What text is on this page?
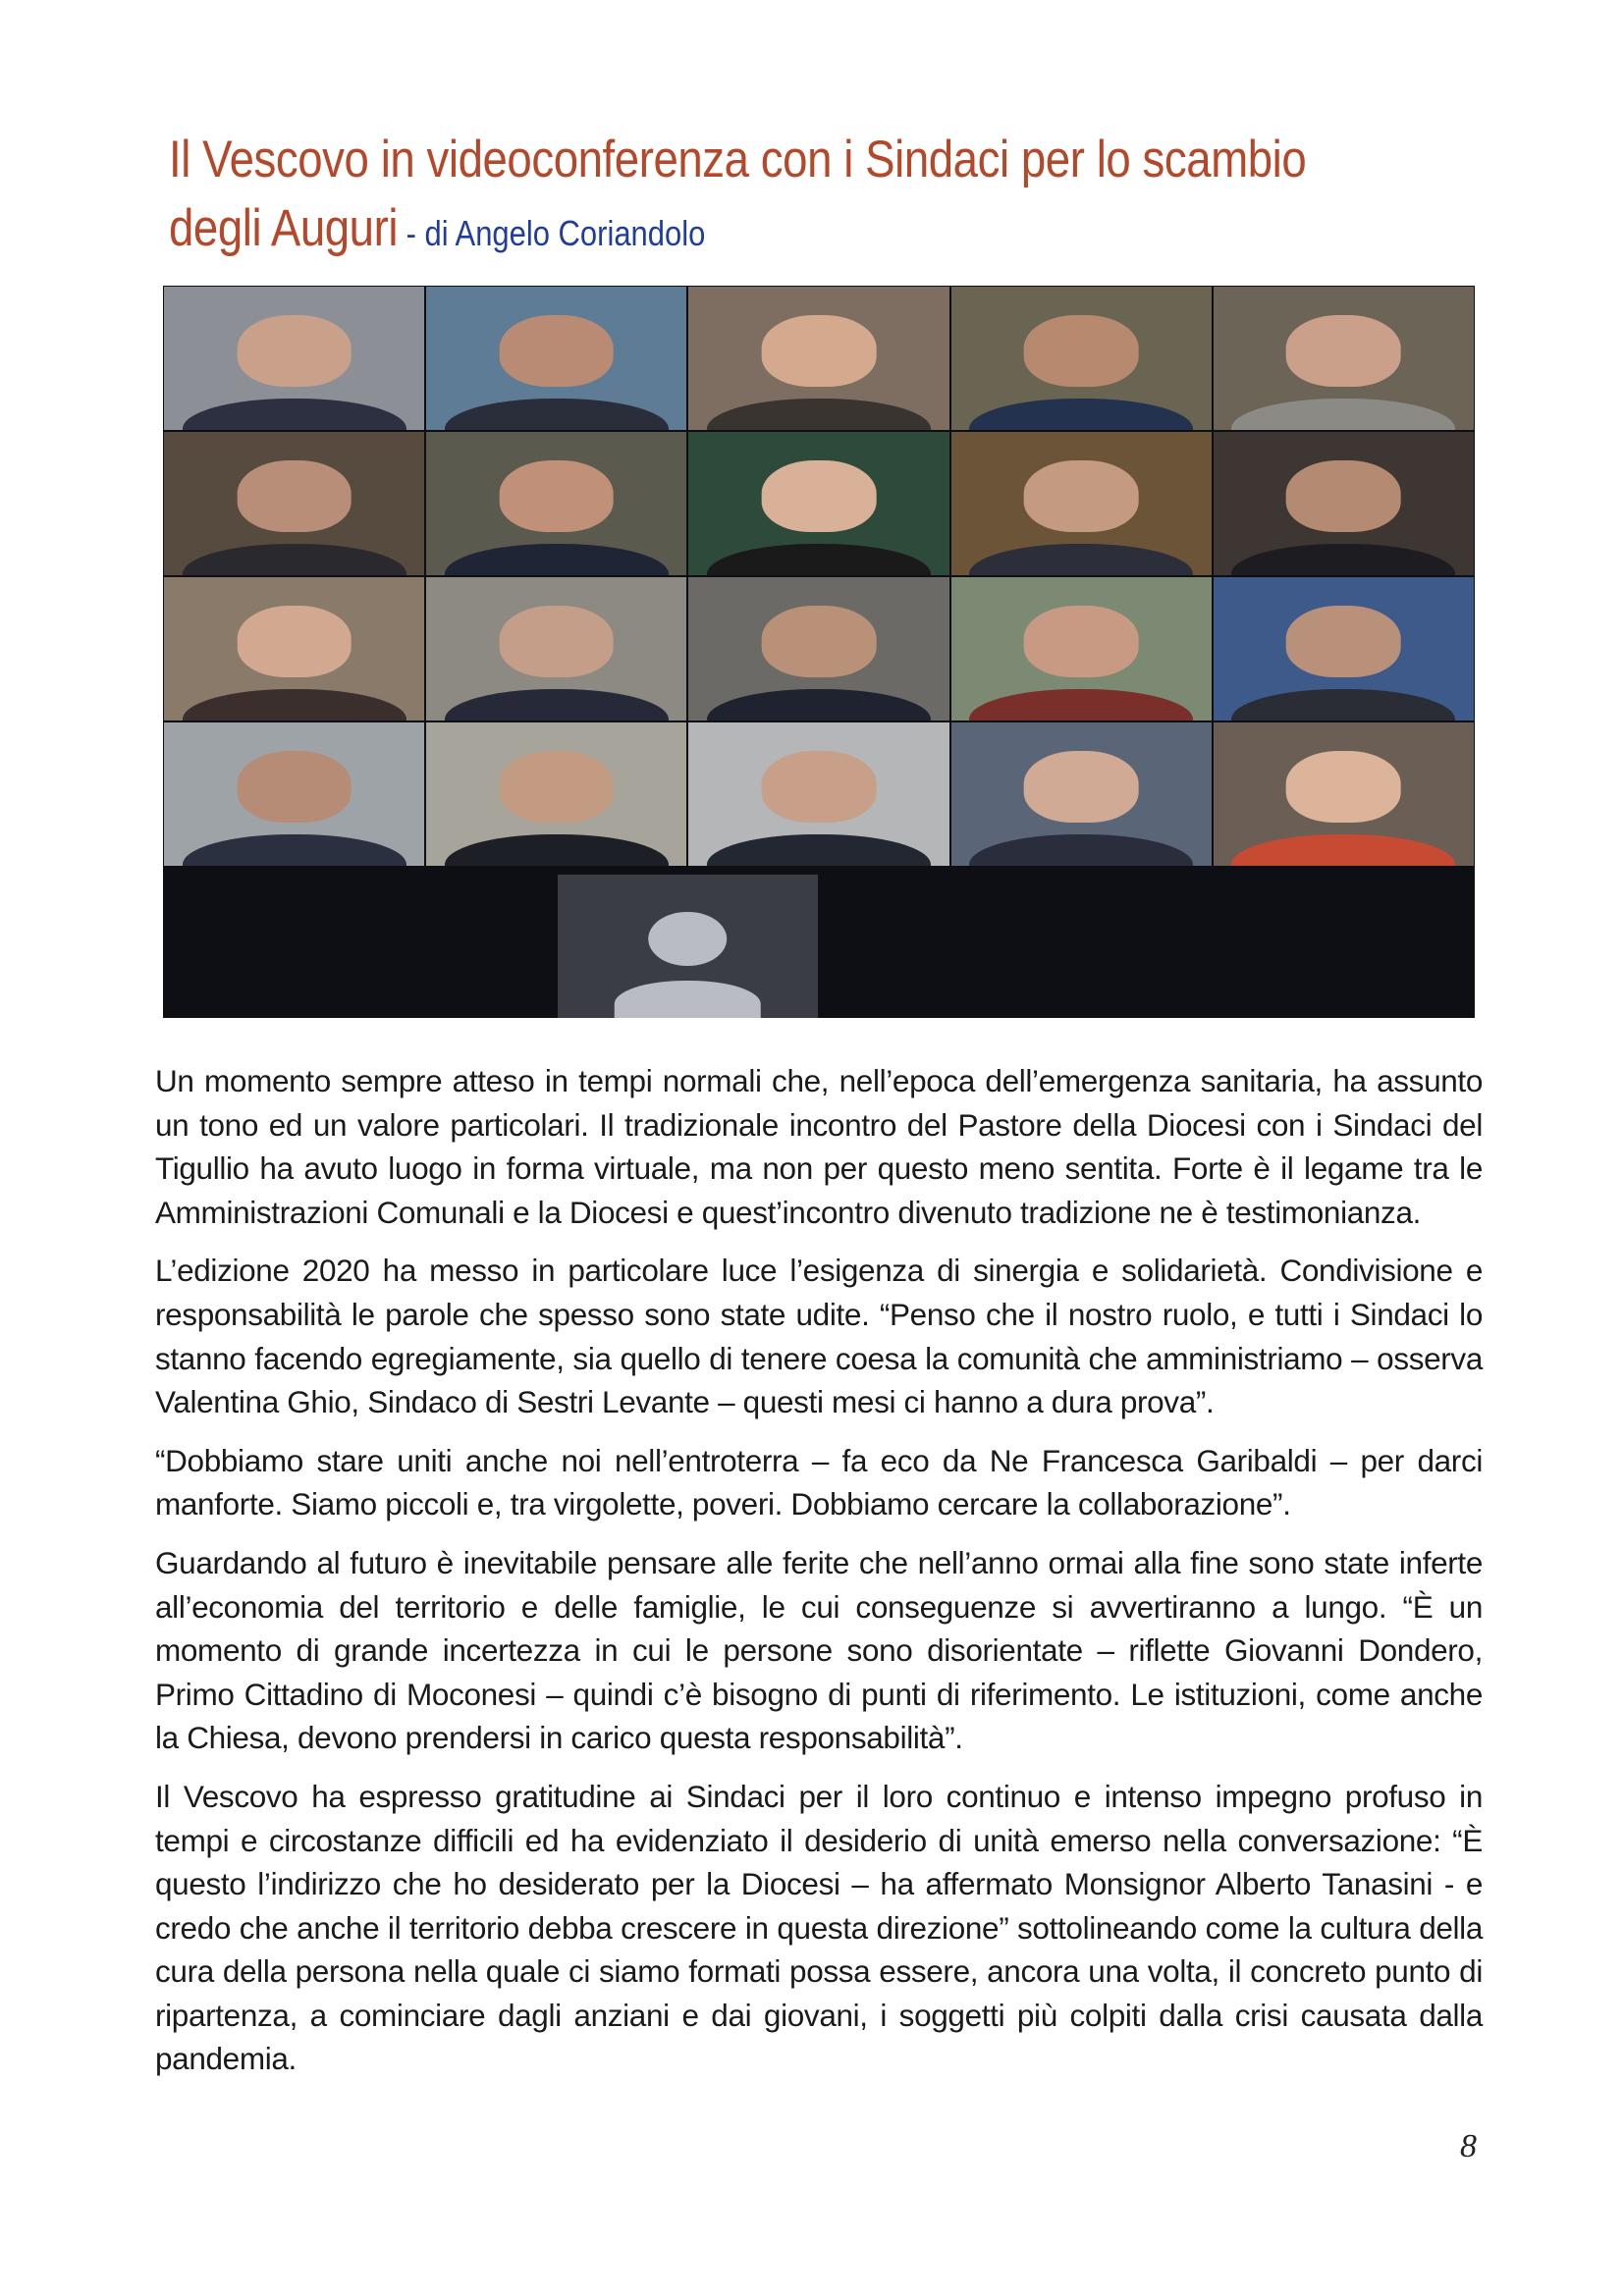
Il Vescovo in videoconferenza con i Sindaci per lo scambio
degli Auguri - di Angelo Coriandolo

Un momento sempre atteso in tempi normali che, nell’epoca dell’emergenza sanitaria, ha assunto un tono ed un valore particolari. Il tradizionale incontro del Pastore della Diocesi con i Sindaci del Tigullio ha avuto luogo in forma virtuale, ma non per questo meno sentita. Forte è il legame tra le Amministrazioni Comunali e la Diocesi e quest’incontro divenuto tradizione ne è testimonianza.

L’edizione 2020 ha messo in particolare luce l’esigenza di sinergia e solidarietà. Condivisione e responsabilità le parole che spesso sono state udite. “Penso che il nostro ruolo, e tutti i Sindaci lo stanno facendo egregiamente, sia quello di tenere coesa la comunità che amministriamo – osserva Valentina Ghio, Sindaco di Sestri Levante – questi mesi ci hanno a dura prova”.

“Dobbiamo stare uniti anche noi nell’entroterra – fa eco da Ne Francesca Garibaldi – per darci manforte. Siamo piccoli e, tra virgolette, poveri. Dobbiamo cercare la collaborazione”.

Guardando al futuro è inevitabile pensare alle ferite che nell’anno ormai alla fine sono state inferte all’economia del territorio e delle famiglie, le cui conseguenze si avvertiranno a lungo. “È un momento di grande incertezza in cui le persone sono disorientate – riflette Giovanni Dondero, Primo Cittadino di Moconesi – quindi c’è bisogno di punti di riferimento. Le istituzioni, come anche la Chiesa, devono prendersi in carico questa responsabilità”.

Il Vescovo ha espresso gratitudine ai Sindaci per il loro continuo e intenso impegno profuso in tempi e circostanze difficili ed ha evidenziato il desiderio di unità emerso nella conversazione: “È questo l’indirizzo che ho desiderato per la Diocesi – ha affermato Monsignor Alberto Tanasini - e credo che anche il territorio debba crescere in questa direzione” sottolineando come la cultura della cura della persona nella quale ci siamo formati possa essere, ancora una volta, il concreto punto di ripartenza, a cominciare dagli anziani e dai giovani, i soggetti più colpiti dalla crisi causata dalla pandemia.

8
